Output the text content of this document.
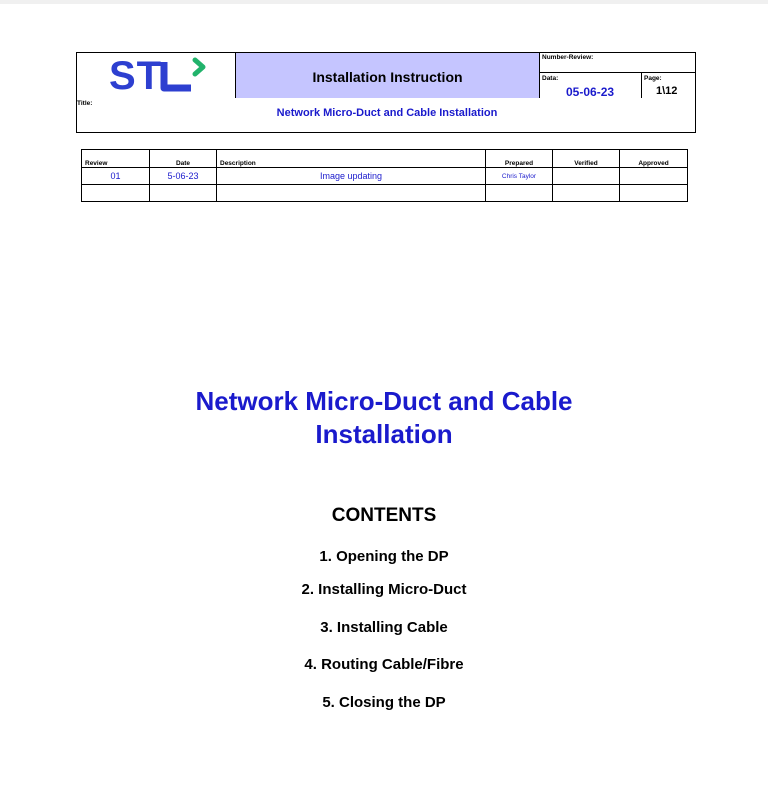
ST	Installation Instruction
Number-Review:
Data:
05-06-23
Page:
1\12
Title:
Network Micro-Duct and Cable Installation
Review	Date	Description	Prepared	Verified	Approved
01	5-06-23	Image updating	Chris Taylor		

Network Micro-Duct and Cable
Installation
CONTENTS
1. Opening the DP
2. Installing Micro-Duct
3. Installing Cable
4. Routing Cable/Fibre
5. Closing the DP
